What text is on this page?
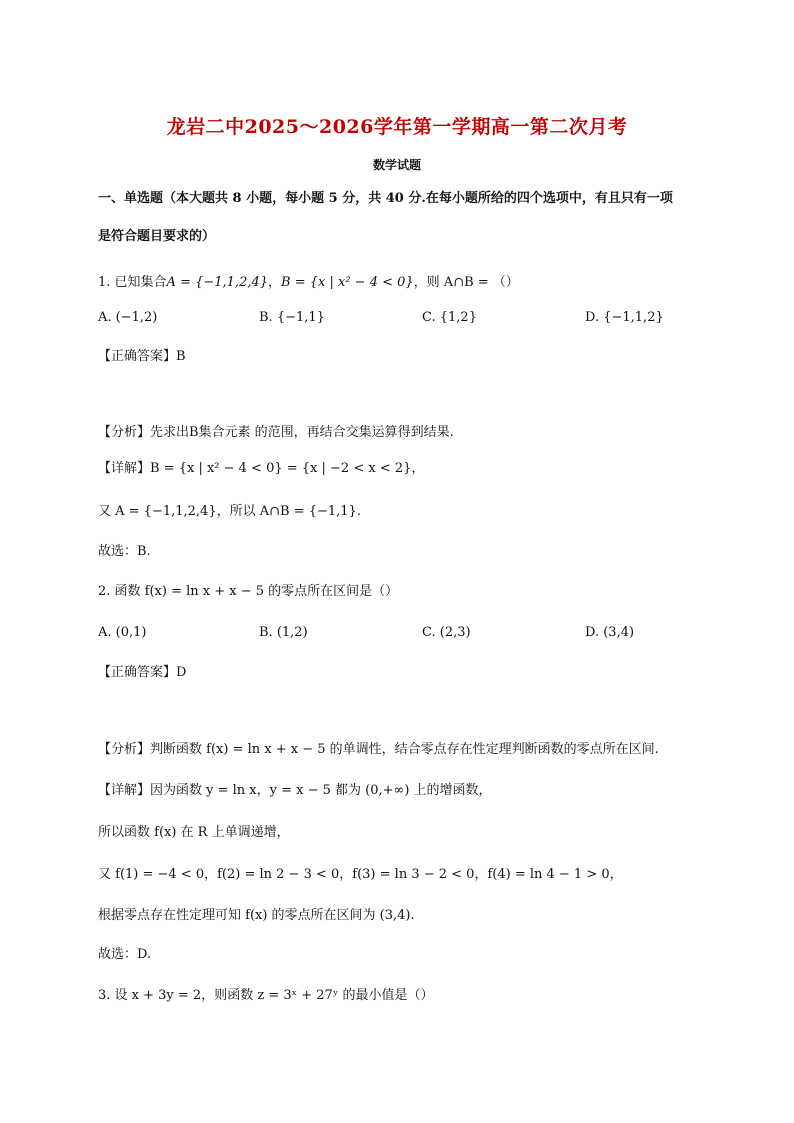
龙岩二中2025～2026学年第一学期高一第二次月考
数学试题
一、单选题（本大题共 8 小题，每小题 5 分，共 40 分.在每小题所给的四个选项中，有且只有一项
是符合题目要求的）
1. 已知集合A = {−1,1,2,4}，B = {x | x² − 4 < 0}，则 A∩B = （）
A. (−1,2)	B. {−1,1}	C. {1,2}	D. {−1,1,2}
【正确答案】B
【分析】先求出B集合元素 的范围，再结合交集运算得到结果.
【详解】B = {x | x² − 4 < 0} = {x | −2 < x < 2}，
又 A = {−1,1,2,4}，所以 A∩B = {−1,1}.
故选：B.
2. 函数 f(x) = ln x + x − 5 的零点所在区间是（）
A. (0,1)	B. (1,2)	C. (2,3)	D. (3,4)
【正确答案】D
【分析】判断函数 f(x) = ln x + x − 5 的单调性，结合零点存在性定理判断函数的零点所在区间.
【详解】因为函数 y = ln x，y = x − 5 都为 (0,+∞) 上的增函数，
所以函数 f(x) 在 R 上单调递增，
又 f(1) = −4 < 0，f(2) = ln 2 − 3 < 0，f(3) = ln 3 − 2 < 0，f(4) = ln 4 − 1 > 0，
根据零点存在性定理可知 f(x) 的零点所在区间为 (3,4).
故选：D.
3. 设 x + 3y = 2，则函数 z = 3ˣ + 27ʸ 的最小值是（）
